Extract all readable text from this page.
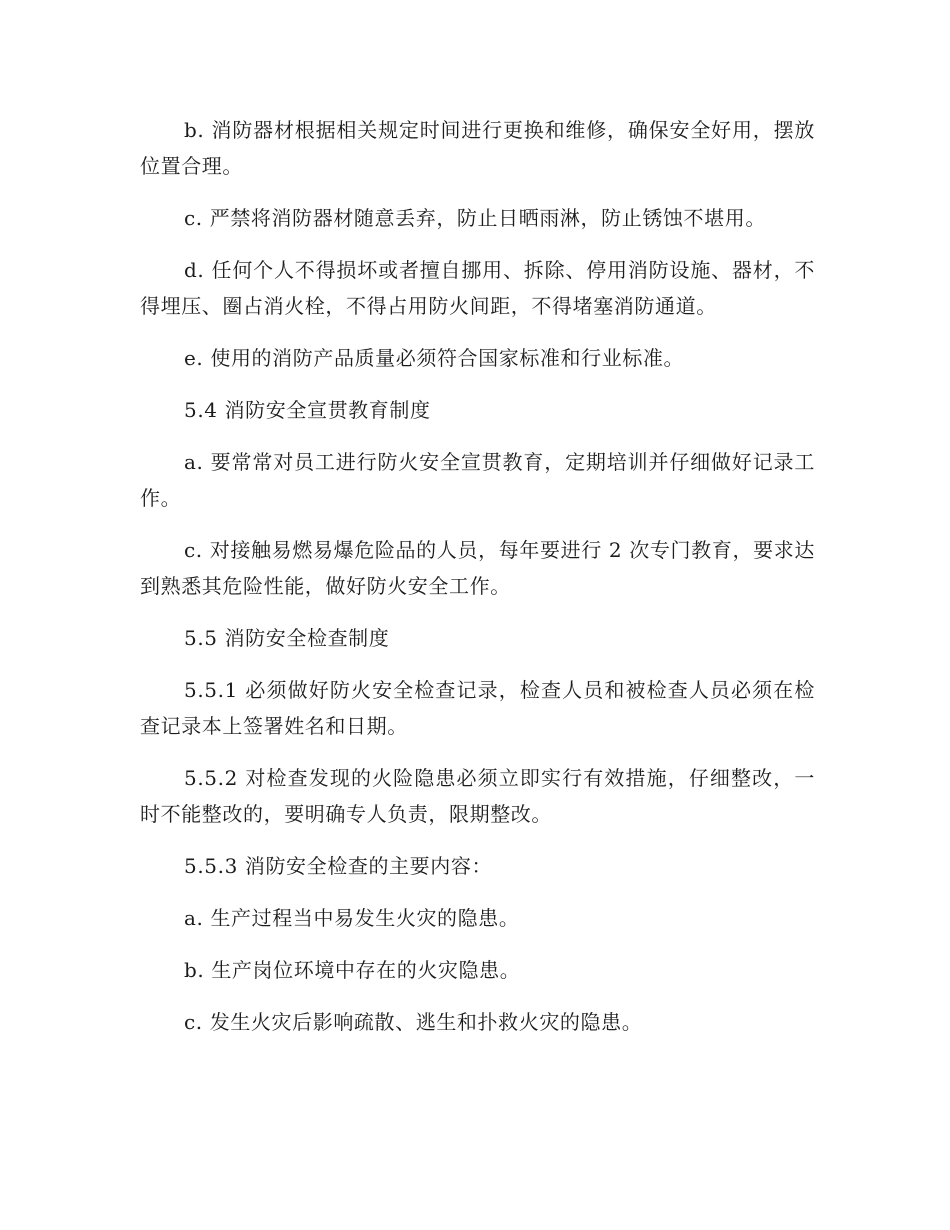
b. 消防器材根据相关规定时间进行更换和维修，确保安全好用，摆放位置合理。

c. 严禁将消防器材随意丢弃，防止日晒雨淋，防止锈蚀不堪用。

d. 任何个人不得损坏或者擅自挪用、拆除、停用消防设施、器材，不得埋压、圈占消火栓，不得占用防火间距，不得堵塞消防通道。

e. 使用的消防产品质量必须符合国家标准和行业标准。

5.4 消防安全宣贯教育制度

a. 要常常对员工进行防火安全宣贯教育，定期培训并仔细做好记录工作。

c. 对接触易燃易爆危险品的人员，每年要进行 2 次专门教育，要求达到熟悉其危险性能，做好防火安全工作。

5.5 消防安全检查制度

5.5.1 必须做好防火安全检查记录，检查人员和被检查人员必须在检查记录本上签署姓名和日期。

5.5.2 对检查发现的火险隐患必须立即实行有效措施，仔细整改，一时不能整改的，要明确专人负责，限期整改。

5.5.3 消防安全检查的主要内容：

a. 生产过程当中易发生火灾的隐患。

b. 生产岗位环境中存在的火灾隐患。

c. 发生火灾后影响疏散、逃生和扑救火灾的隐患。
